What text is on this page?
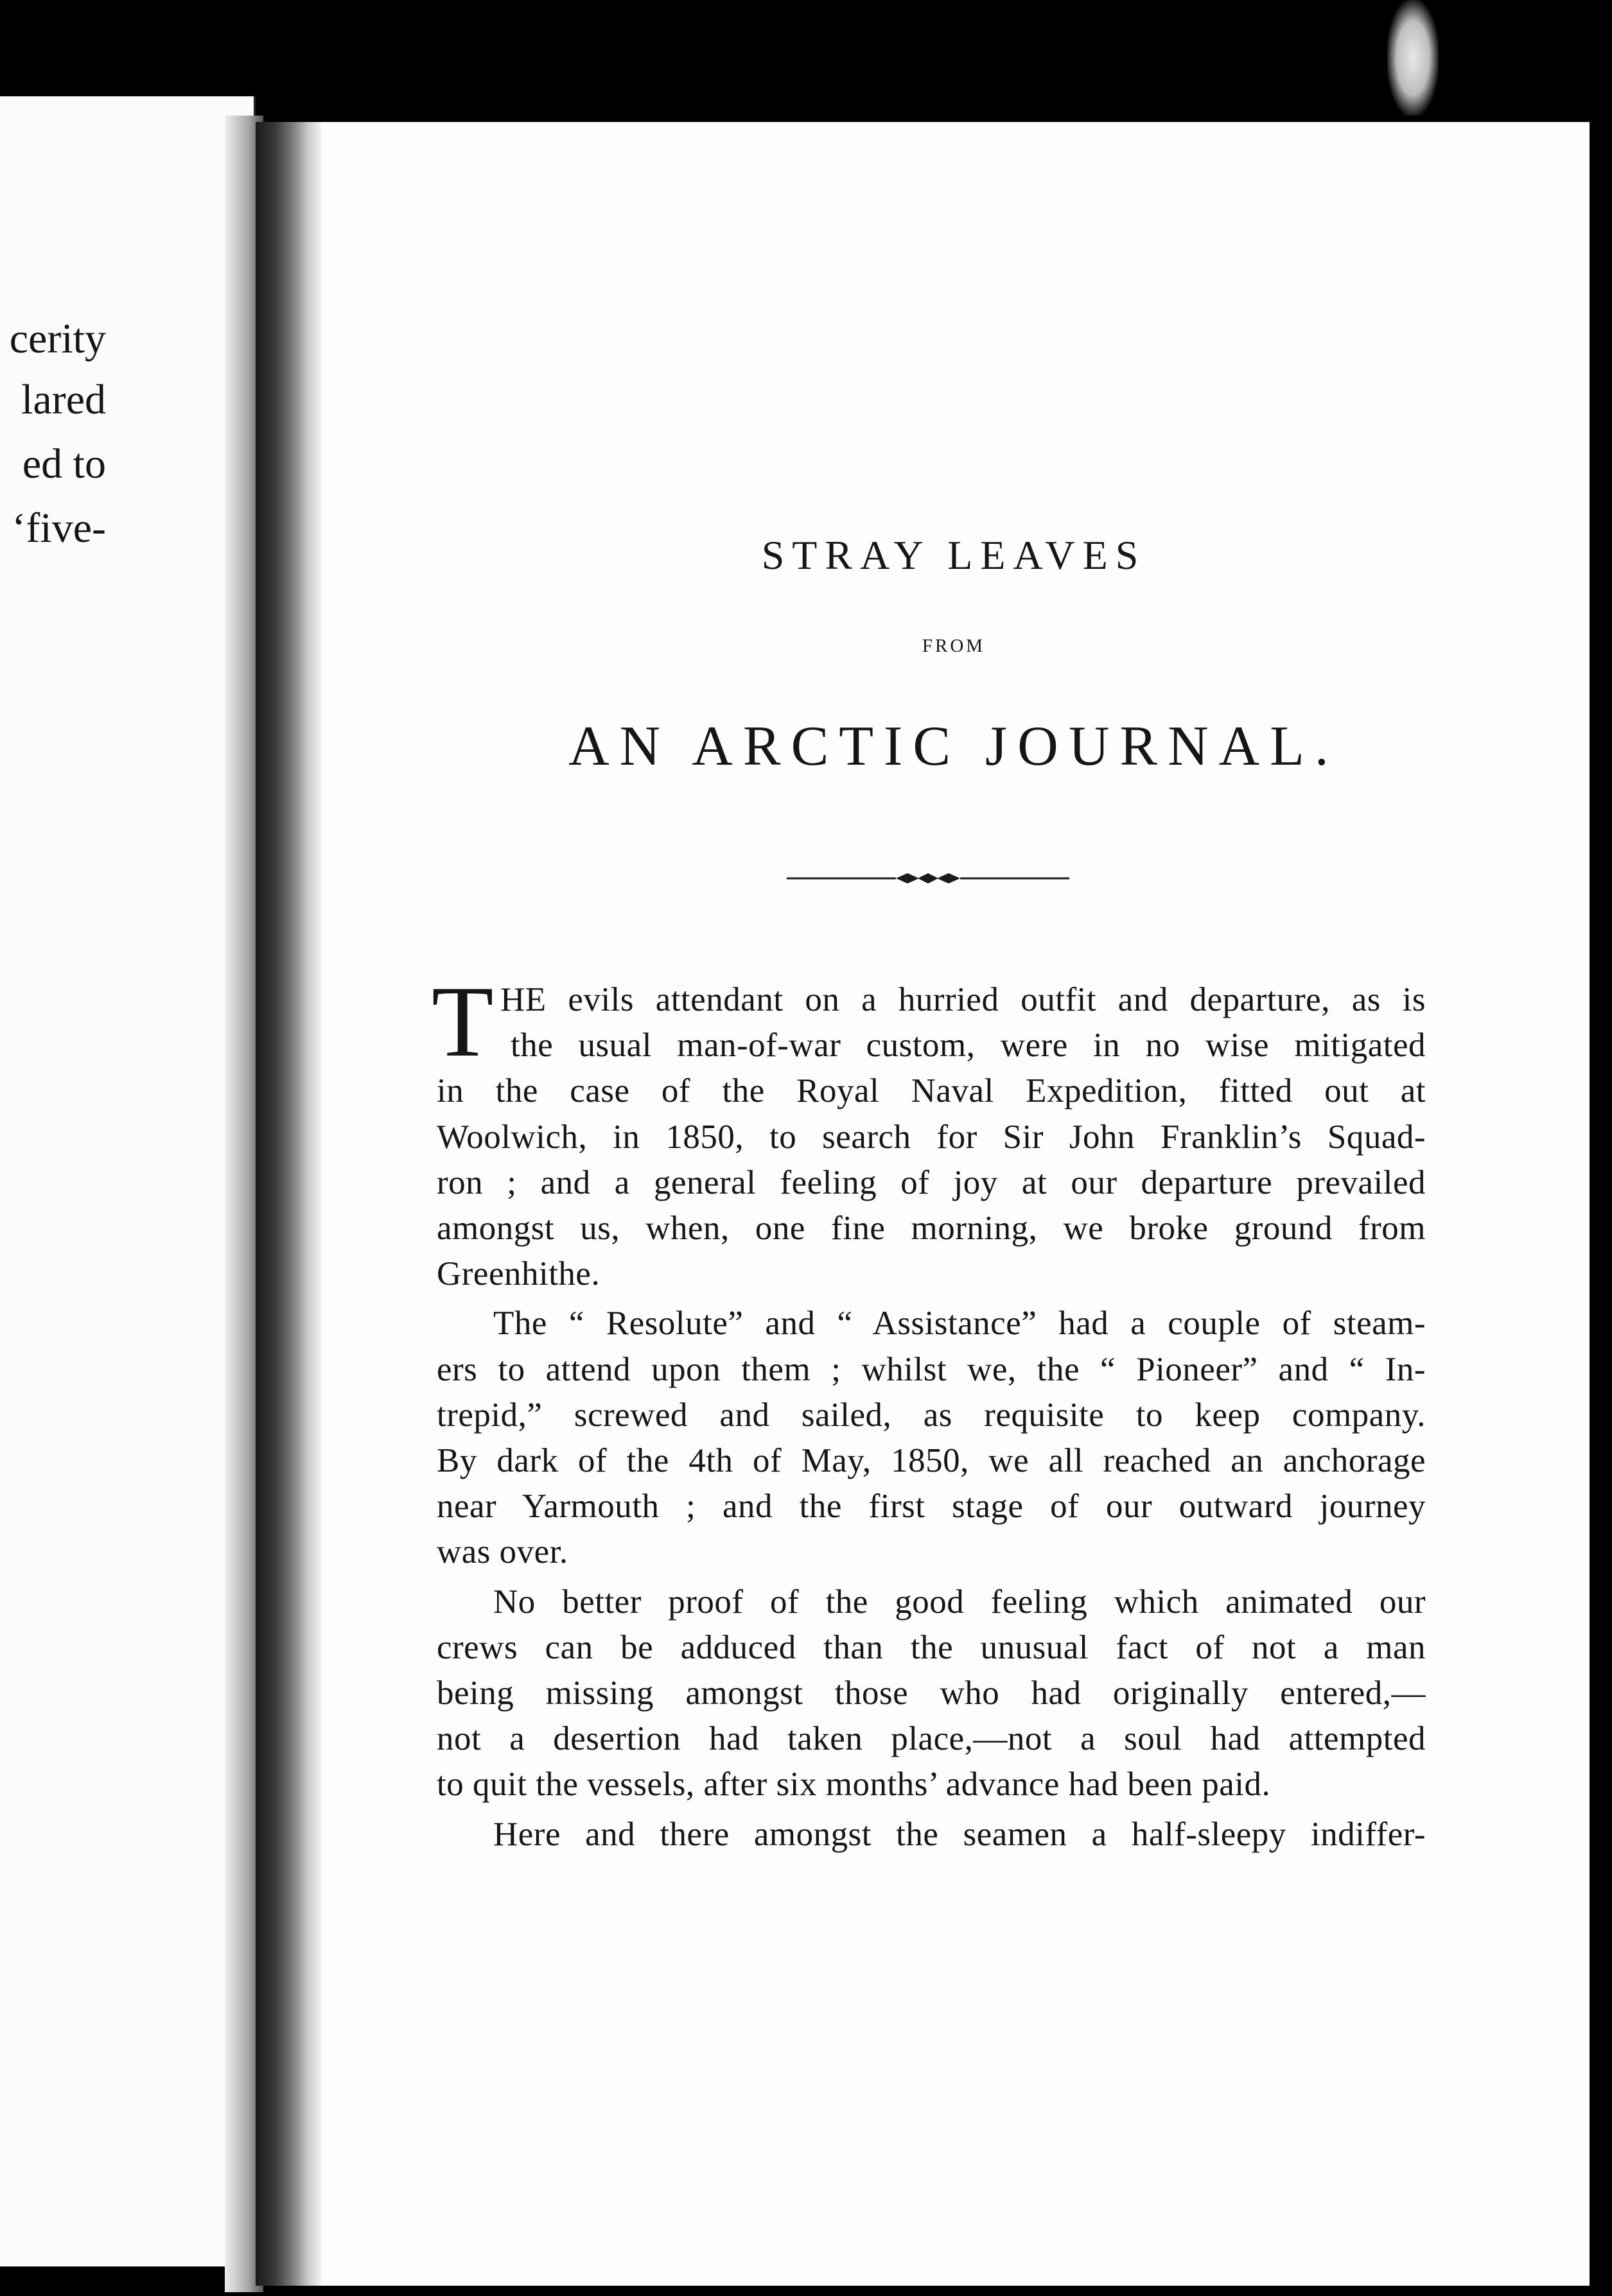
cerity
lared
ed to
‘five-
STRAY LEAVES
FROM
AN ARCTIC JOURNAL.
T HE evils attendant on a hurried outfit and departure, as is
the usual man-of-war custom, were in no wise mitigated
in the case of the Royal Naval Expedition, fitted out at
Woolwich, in 1850, to search for Sir John Franklin’s Squad-
ron ; and a general feeling of joy at our departure prevailed
amongst us, when, one fine morning, we broke ground from
Greenhithe.
The “ Resolute” and “ Assistance” had a couple of steam-
ers to attend upon them ; whilst we, the “ Pioneer” and “ In-
trepid,” screwed and sailed, as requisite to keep company.
By dark of the 4th of May, 1850, we all reached an anchorage
near Yarmouth ; and the first stage of our outward journey
was over.
No better proof of the good feeling which animated our
crews can be adduced than the unusual fact of not a man
being missing amongst those who had originally entered,—
not a desertion had taken place,—not a soul had attempted
to quit the vessels, after six months’ advance had been paid.
Here and there amongst the seamen a half-sleepy indiffer-
